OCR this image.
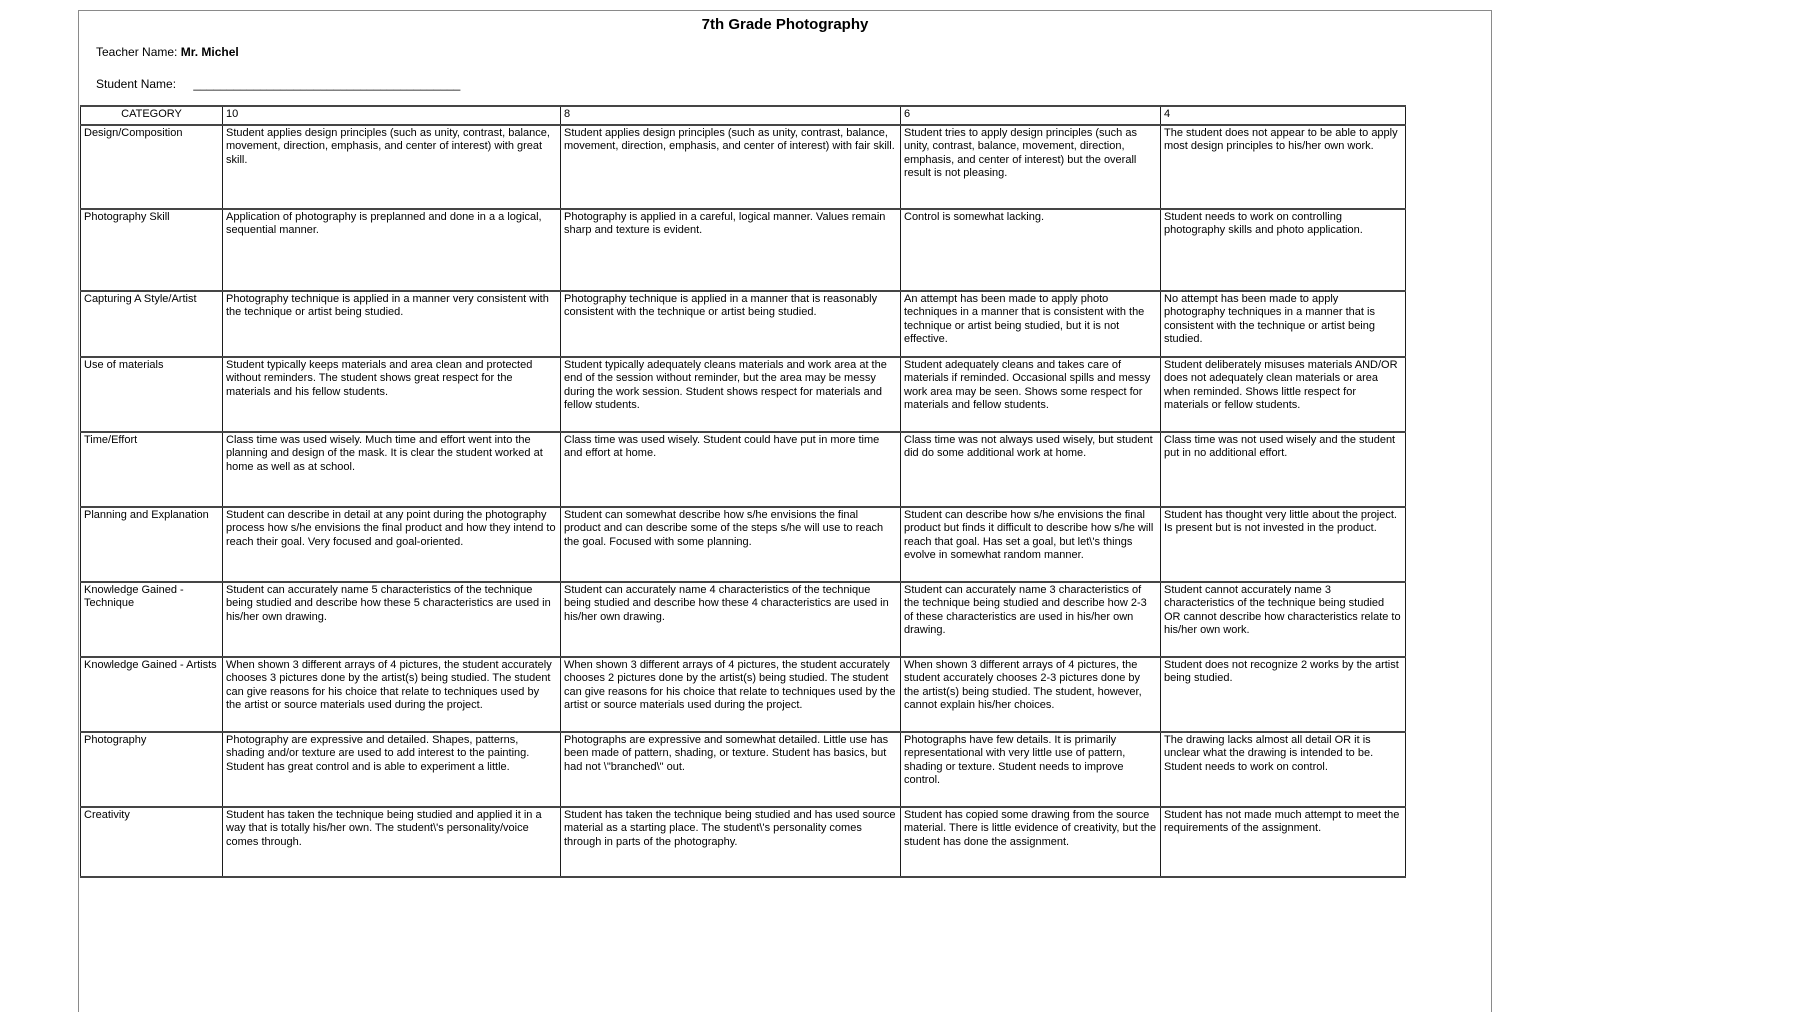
7th Grade Photography
Teacher Name: Mr. Michel
Student Name: ________________________________________
CATEGORY	10	8	6	4
Design/Composition	Student applies design principles (such as unity, contrast, balance, movement, direction, emphasis, and center of interest) with great skill.	Student applies design principles (such as unity, contrast, balance, movement, direction, emphasis, and center of interest) with fair skill.	Student tries to apply design principles (such as unity, contrast, balance, movement, direction, emphasis, and center of interest) but the overall result is not pleasing.	The student does not appear to be able to apply most design principles to his/her own work.
Photography Skill	Application of photography is preplanned and done in a a logical, sequential manner.	Photography is applied in a careful, logical manner. Values remain sharp and texture is evident.	Control is somewhat lacking.	Student needs to work on controlling photography skills and photo application.
Capturing A Style/Artist	Photography technique is applied in a manner very consistent with the technique or artist being studied.	Photography technique is applied in a manner that is reasonably consistent with the technique or artist being studied.	An attempt has been made to apply photo techniques in a manner that is consistent with the technique or artist being studied, but it is not effective.	No attempt has been made to apply photography techniques in a manner that is consistent with the technique or artist being studied.
Use of materials	Student typically keeps materials and area clean and protected without reminders. The student shows great respect for the materials and his fellow students.	Student typically adequately cleans materials and work area at the end of the session without reminder, but the area may be messy during the work session. Student shows respect for materials and fellow students.	Student adequately cleans and takes care of materials if reminded. Occasional spills and messy work area may be seen. Shows some respect for materials and fellow students.	Student deliberately misuses materials AND/OR does not adequately clean materials or area when reminded. Shows little respect for materials or fellow students.
Time/Effort	Class time was used wisely. Much time and effort went into the planning and design of the mask. It is clear the student worked at home as well as at school.	Class time was used wisely. Student could have put in more time and effort at home.	Class time was not always used wisely, but student did do some additional work at home.	Class time was not used wisely and the student put in no additional effort.
Planning and Explanation	Student can describe in detail at any point during the photography process how s/he envisions the final product and how they intend to reach their goal. Very focused and goal-oriented.	Student can somewhat describe how s/he envisions the final product and can describe some of the steps s/he will use to reach the goal. Focused with some planning.	Student can describe how s/he envisions the final product but finds it difficult to describe how s/he will reach that goal. Has set a goal, but let\'s things evolve in somewhat random manner.	Student has thought very little about the project. Is present but is not invested in the product.
Knowledge Gained - Technique	Student can accurately name 5 characteristics of the technique being studied and describe how these 5 characteristics are used in his/her own drawing.	Student can accurately name 4 characteristics of the technique being studied and describe how these 4 characteristics are used in his/her own drawing.	Student can accurately name 3 characteristics of the technique being studied and describe how 2-3 of these characteristics are used in his/her own drawing.	Student cannot accurately name 3 characteristics of the technique being studied OR cannot describe how characteristics relate to his/her own work.
Knowledge Gained - Artists	When shown 3 different arrays of 4 pictures, the student accurately chooses 3 pictures done by the artist(s) being studied. The student can give reasons for his choice that relate to techniques used by the artist or source materials used during the project.	When shown 3 different arrays of 4 pictures, the student accurately chooses 2 pictures done by the artist(s) being studied. The student can give reasons for his choice that relate to techniques used by the artist or source materials used during the project.	When shown 3 different arrays of 4 pictures, the student accurately chooses 2-3 pictures done by the artist(s) being studied. The student, however, cannot explain his/her choices.	Student does not recognize 2 works by the artist being studied.
Photography	Photography are expressive and detailed. Shapes, patterns, shading and/or texture are used to add interest to the painting. Student has great control and is able to experiment a little.	Photographs are expressive and somewhat detailed. Little use has been made of pattern, shading, or texture. Student has basics, but had not \"branched\" out.	Photographs have few details. It is primarily representational with very little use of pattern, shading or texture. Student needs to improve control.	The drawing lacks almost all detail OR it is unclear what the drawing is intended to be. Student needs to work on control.
Creativity	Student has taken the technique being studied and applied it in a way that is totally his/her own. The student\'s personality/voice comes through.	Student has taken the technique being studied and has used source material as a starting place. The student\'s personality comes through in parts of the photography.	Student has copied some drawing from the source material. There is little evidence of creativity, but the student has done the assignment.	Student has not made much attempt to meet the requirements of the assignment.
